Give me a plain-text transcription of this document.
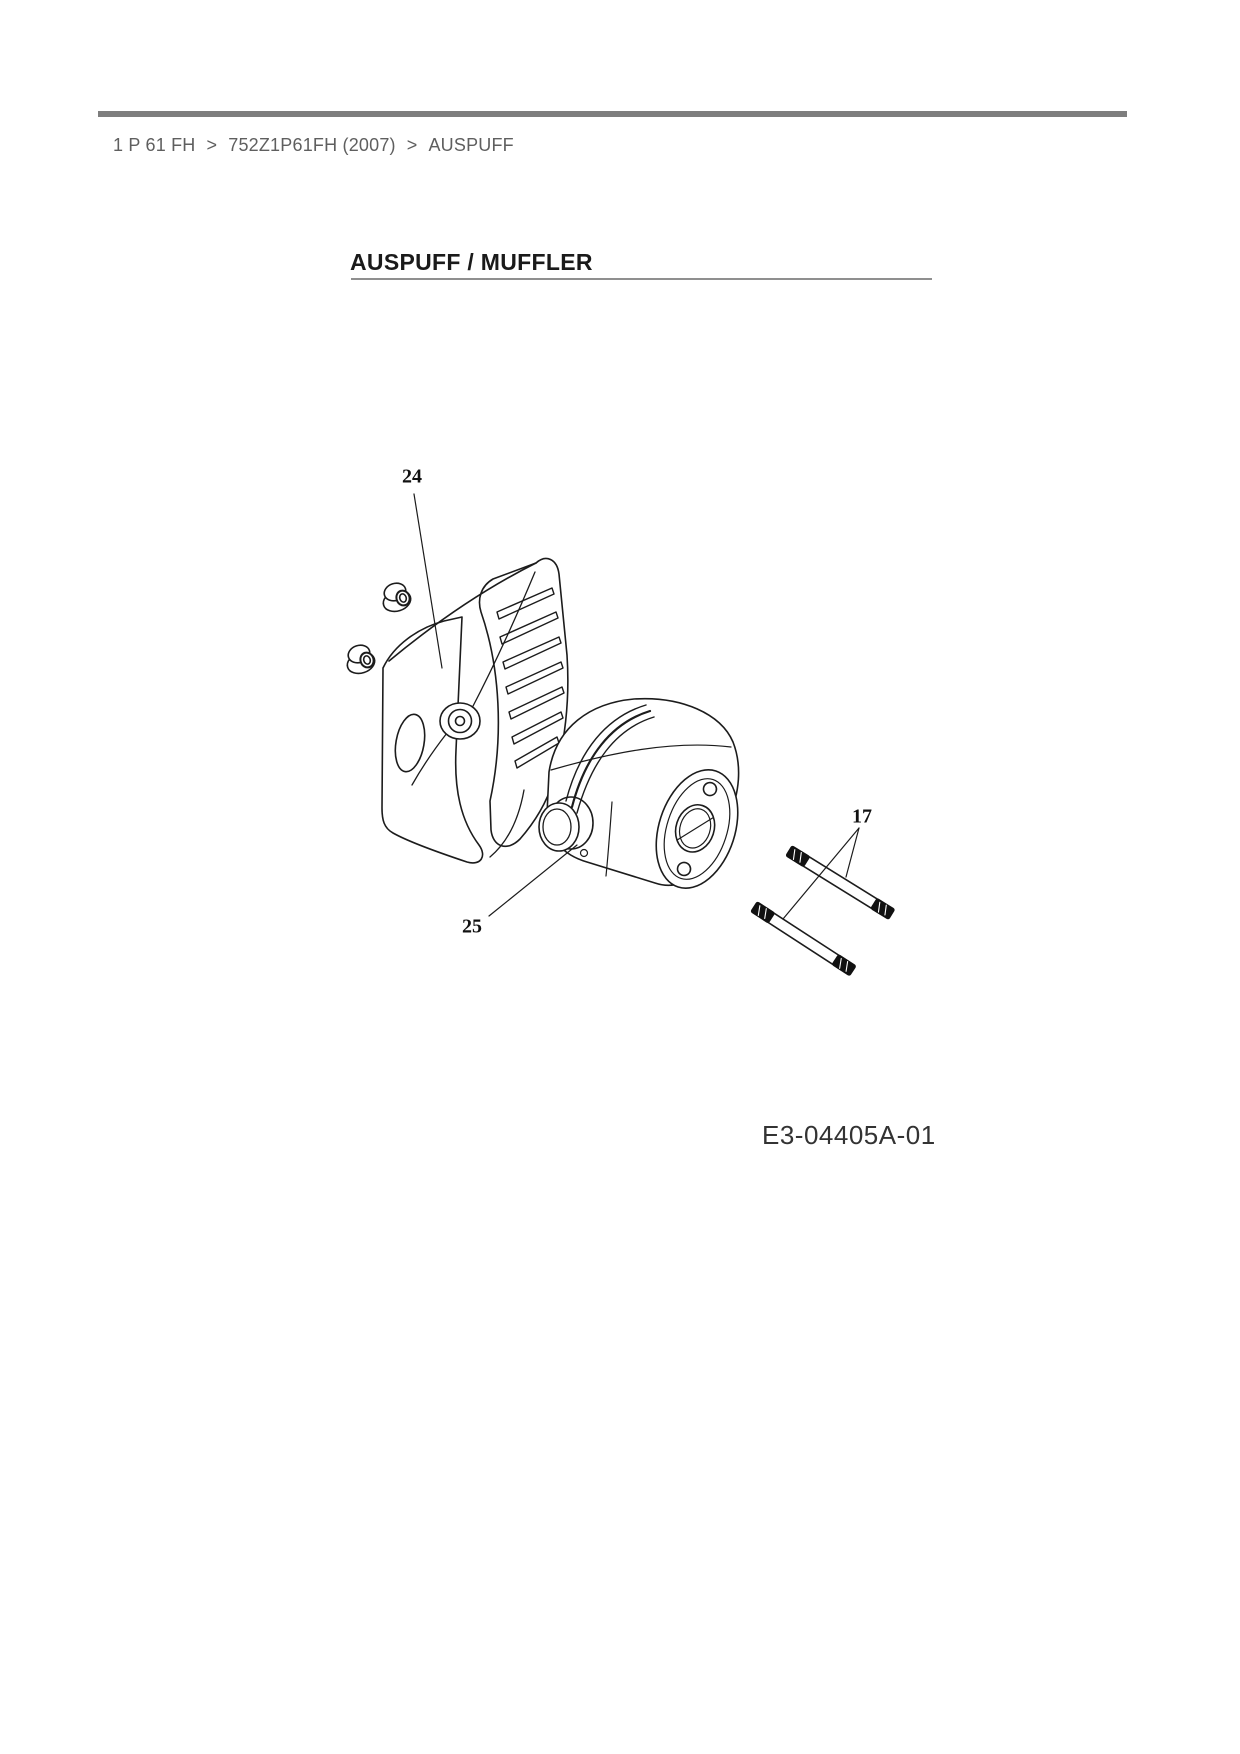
1 P 61 FH > 752Z1P61FH (2007) > AUSPUFF
AUSPUFF / MUFFLER
24
25
17
E3-04405A-01
